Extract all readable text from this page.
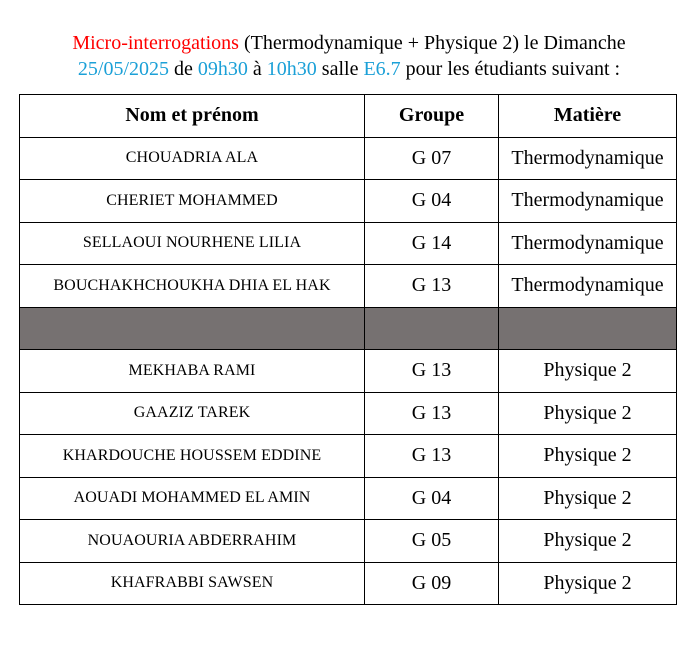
Micro-interrogations (Thermodynamique + Physique 2) le Dimanche
25/05/2025 de 09h30 à 10h30 salle E6.7 pour les étudiants suivant :
Nom et prénom	Groupe	Matière
CHOUADRIA ALA	G 07	Thermodynamique
CHERIET MOHAMMED	G 04	Thermodynamique
SELLAOUI NOURHENE LILIA	G 14	Thermodynamique
BOUCHAKHCHOUKHA DHIA EL HAK	G 13	Thermodynamique

MEKHABA RAMI	G 13	Physique 2
GAAZIZ TAREK	G 13	Physique 2
KHARDOUCHE HOUSSEM EDDINE	G 13	Physique 2
AOUADI MOHAMMED EL AMIN	G 04	Physique 2
NOUAOURIA ABDERRAHIM	G 05	Physique 2
KHAFRABBI SAWSEN	G 09	Physique 2
